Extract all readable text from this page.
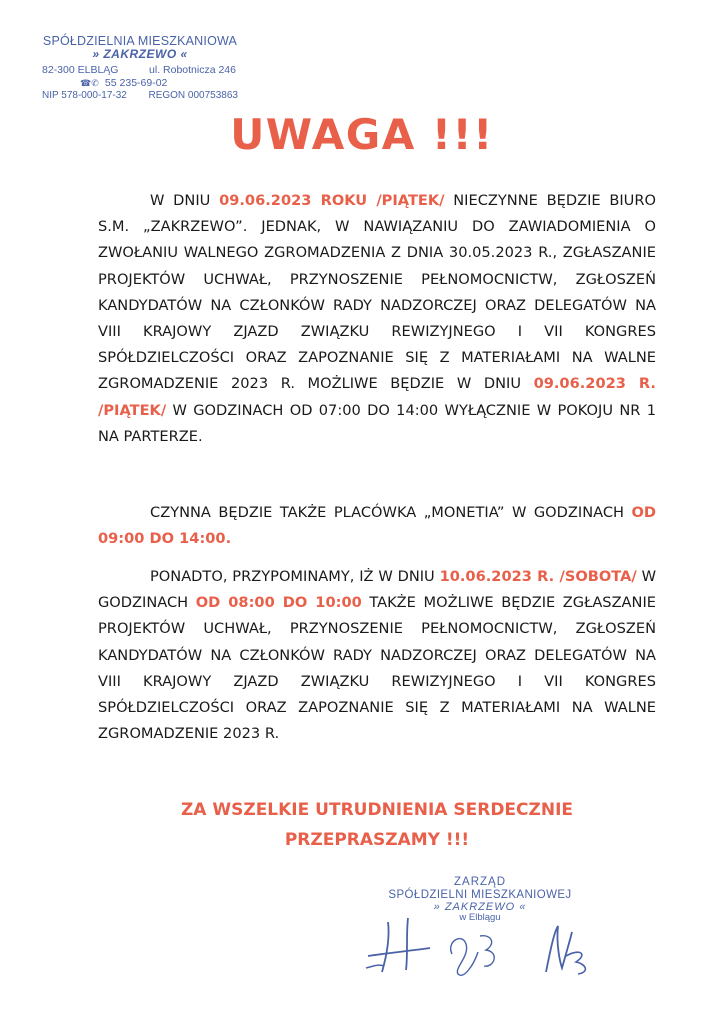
SPÓŁDZIELNIA MIESZKANIOWA
» ZAKRZEWO «
82-300 ELBLĄG	ul. Robotnicza 246
☎✆ 55 235-69-02
NIP 578-000-17-32 REGON 000753863
UWAGA !!!
W DNIU 09.06.2023 ROKU /PIĄTEK/ NIECZYNNE BĘDZIE BIURO S.M. „ZAKRZEWO”. JEDNAK, W NAWIĄZANIU DO ZAWIADOMIENIA O ZWOŁANIU WALNEGO ZGROMADZENIA Z DNIA 30.05.2023 R., ZGŁASZANIE PROJEKTÓW UCHWAŁ, PRZYNOSZENIE PEŁNOMOCNICTW, ZGŁOSZEŃ KANDYDATÓW NA CZŁONKÓW RADY NADZORCZEJ ORAZ DELEGATÓW NA VIII KRAJOWY ZJAZD ZWIĄZKU REWIZYJNEGO I VII KONGRES SPÓŁDZIELCZOŚCI ORAZ ZAPOZNANIE SIĘ Z MATERIAŁAMI NA WALNE ZGROMADZENIE 2023 R. MOŻLIWE BĘDZIE W DNIU 09.06.2023 R. /PIĄTEK/ W GODZINACH OD 07:00 DO 14:00 WYŁĄCZNIE W POKOJU NR 1 NA PARTERZE.
CZYNNA BĘDZIE TAKŻE PLACÓWKA „MONETIA” W GODZINACH OD 09:00 DO 14:00.
PONADTO, PRZYPOMINAMY, IŻ W DNIU 10.06.2023 R. /SOBOTA/ W GODZINACH OD 08:00 DO 10:00 TAKŻE MOŻLIWE BĘDZIE ZGŁASZANIE PROJEKTÓW UCHWAŁ, PRZYNOSZENIE PEŁNOMOCNICTW, ZGŁOSZEŃ KANDYDATÓW NA CZŁONKÓW RADY NADZORCZEJ ORAZ DELEGATÓW NA VIII KRAJOWY ZJAZD ZWIĄZKU REWIZYJNEGO I VII KONGRES SPÓŁDZIELCZOŚCI ORAZ ZAPOZNANIE SIĘ Z MATERIAŁAMI NA WALNE ZGROMADZENIE 2023 R.
ZA WSZELKIE UTRUDNIENIA SERDECZNIE
PRZEPRASZAMY !!!
ZARZĄD
SPÓŁDZIELNI MIESZKANIOWEJ
» ZAKRZEWO «
w Elblągu
